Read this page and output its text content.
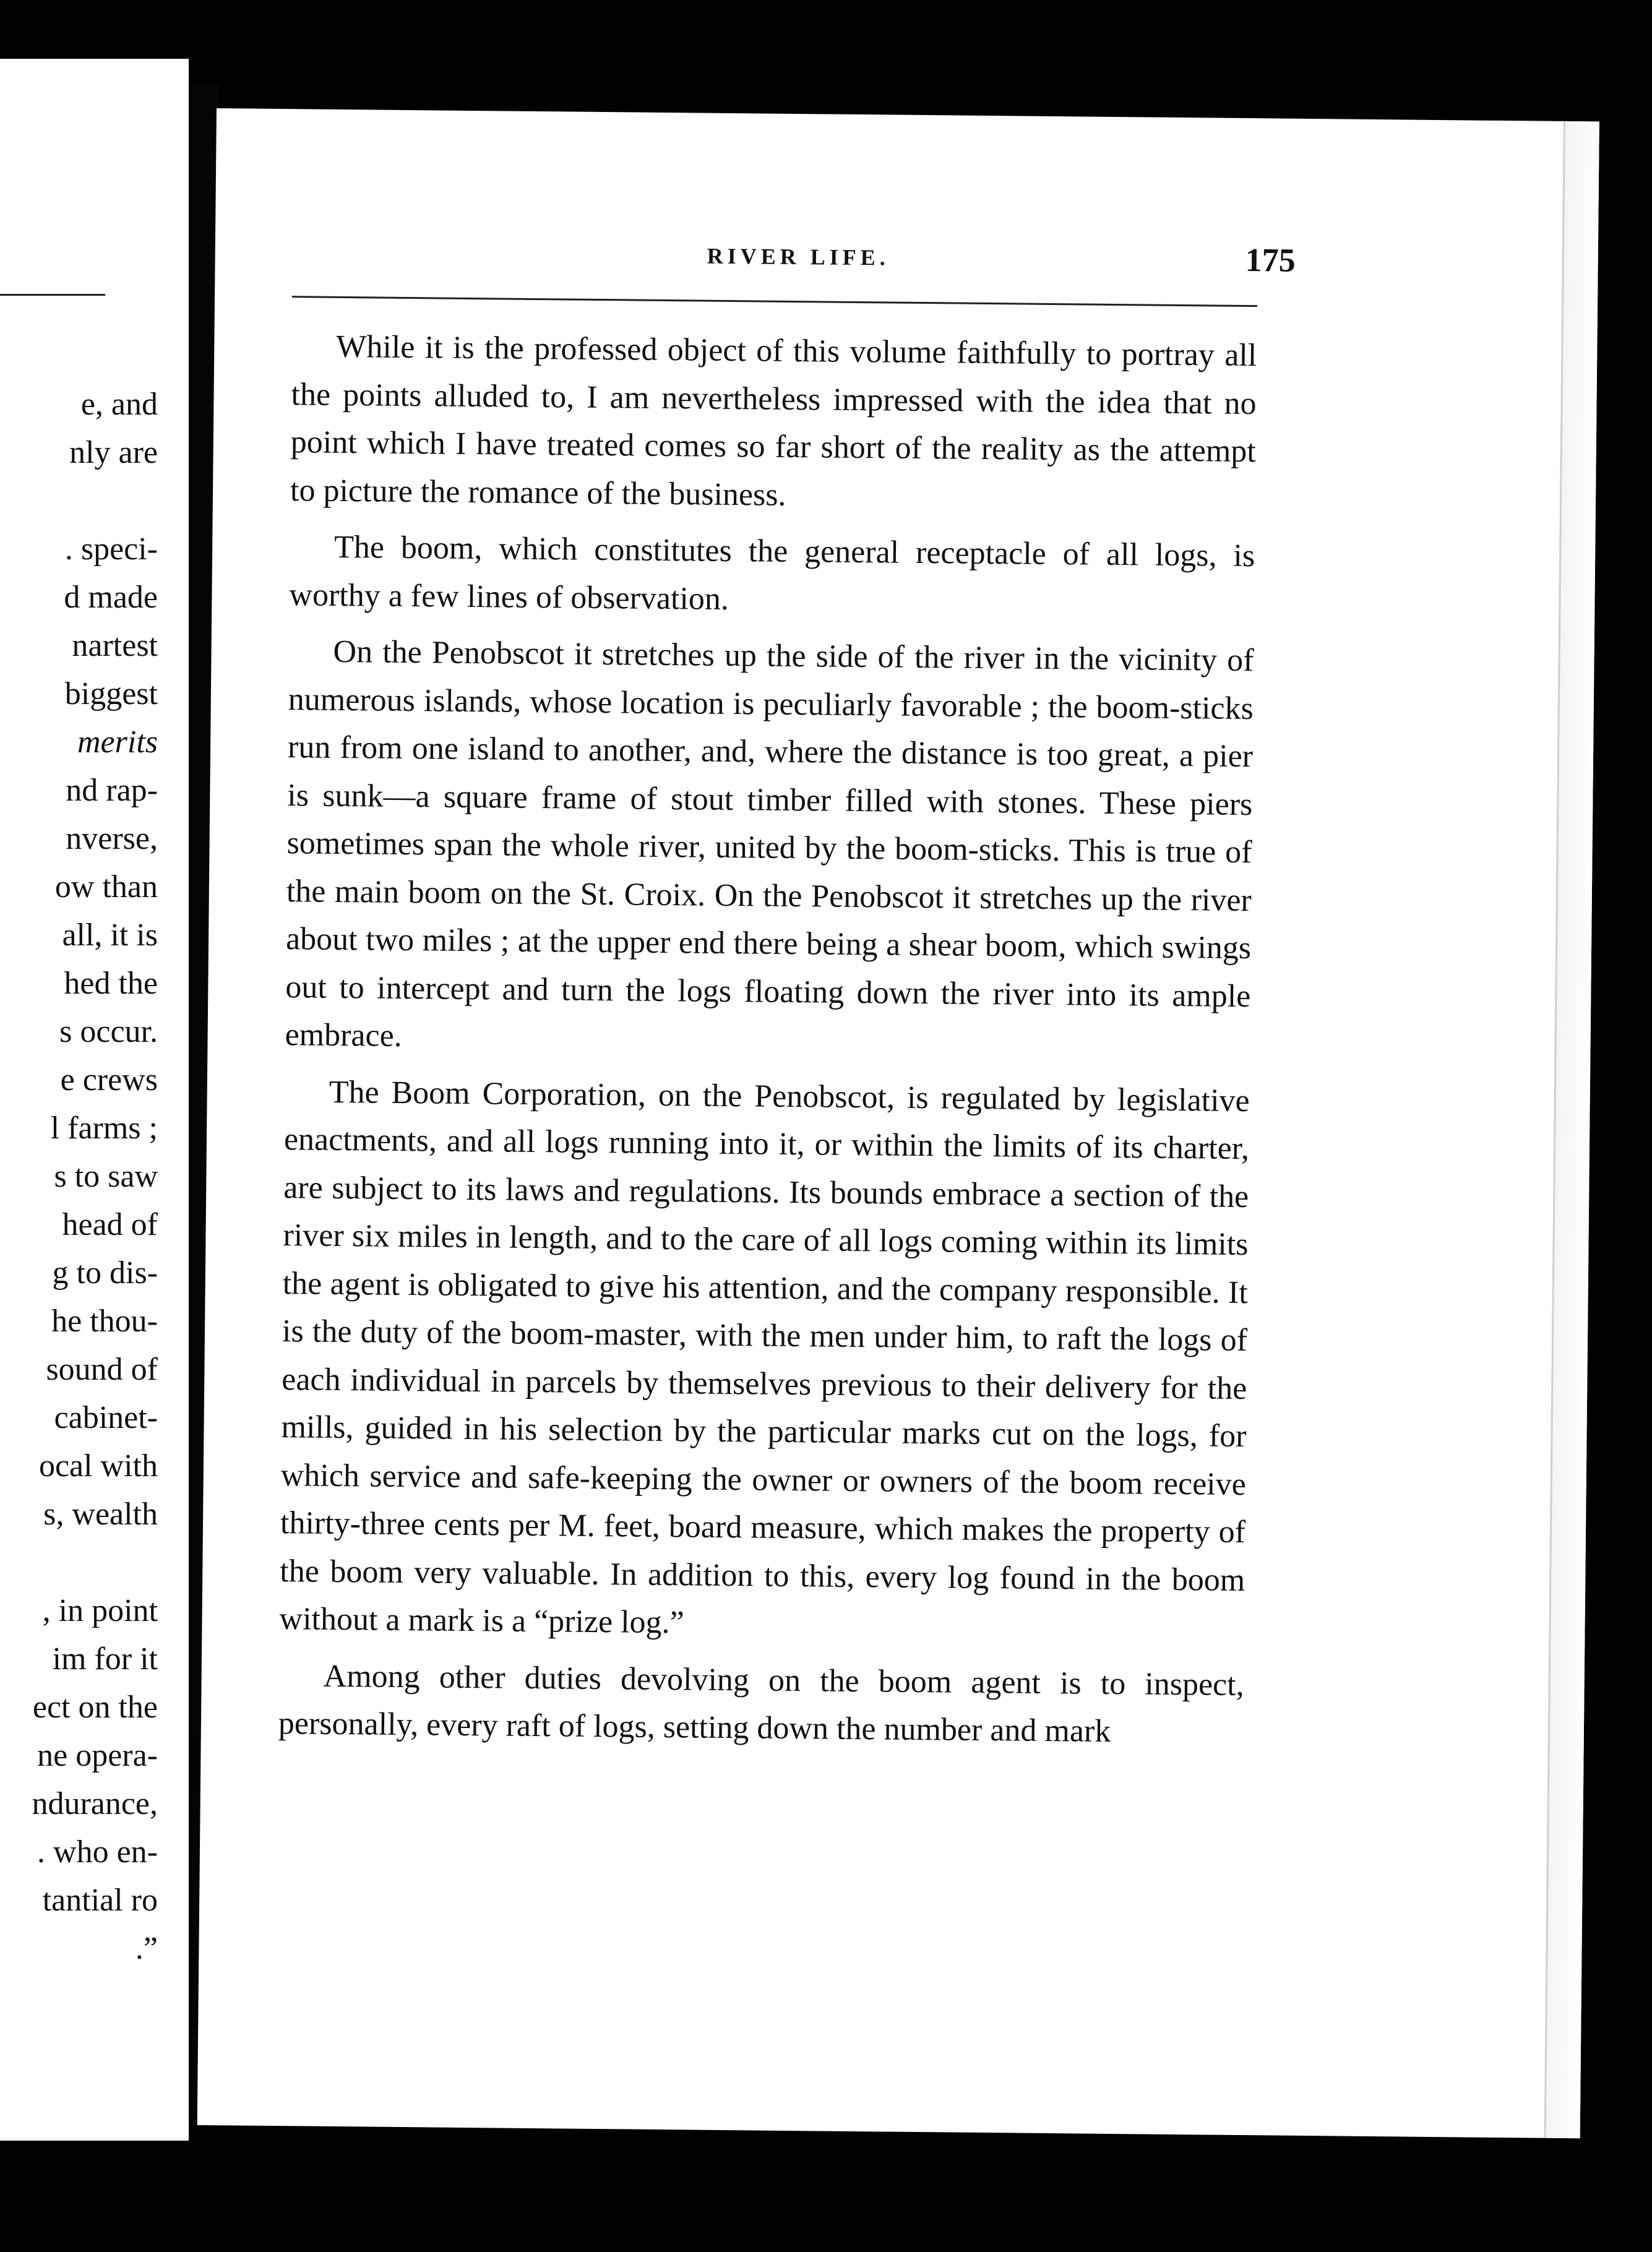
e, and
nly are
. speci-
d made
nartest
biggest
merits
nd rap-
nverse,
ow than
all, it is
hed the
s occur.
e crews
l farms ;
s to saw
head of
g to dis-
he thou-
sound of
cabinet-
ocal with
s, wealth
, in point
im for it
ect on the
ne opera-
ndurance,
. who en-
tantial ro
.”
RIVER LIFE.	175

While it is the professed object of this volume faithfully to portray all the points alluded to, I am nevertheless impressed with the idea that no point which I have treated comes so far short of the reality as the attempt to picture the romance of the business.

The boom, which constitutes the general receptacle of all logs, is worthy a few lines of observation.

On the Penobscot it stretches up the side of the river in the vicinity of numerous islands, whose location is peculiarly favorable ; the boom-sticks run from one island to another, and, where the distance is too great, a pier is sunk—a square frame of stout timber filled with stones. These piers sometimes span the whole river, united by the boom-sticks. This is true of the main boom on the St. Croix. On the Penobscot it stretches up the river about two miles ; at the upper end there being a shear boom, which swings out to intercept and turn the logs floating down the river into its ample embrace.

The Boom Corporation, on the Penobscot, is regulated by legislative enactments, and all logs running into it, or within the limits of its charter, are subject to its laws and regulations. Its bounds embrace a section of the river six miles in length, and to the care of all logs coming within its limits the agent is obligated to give his attention, and the company responsible. It is the duty of the boom-master, with the men under him, to raft the logs of each individual in parcels by themselves previous to their delivery for the mills, guided in his selection by the particular marks cut on the logs, for which service and safe-keeping the owner or owners of the boom receive thirty-three cents per M. feet, board measure, which makes the property of the boom very valuable. In addition to this, every log found in the boom without a mark is a “prize log.”

Among other duties devolving on the boom agent is to inspect, personally, every raft of logs, setting down the number and mark
